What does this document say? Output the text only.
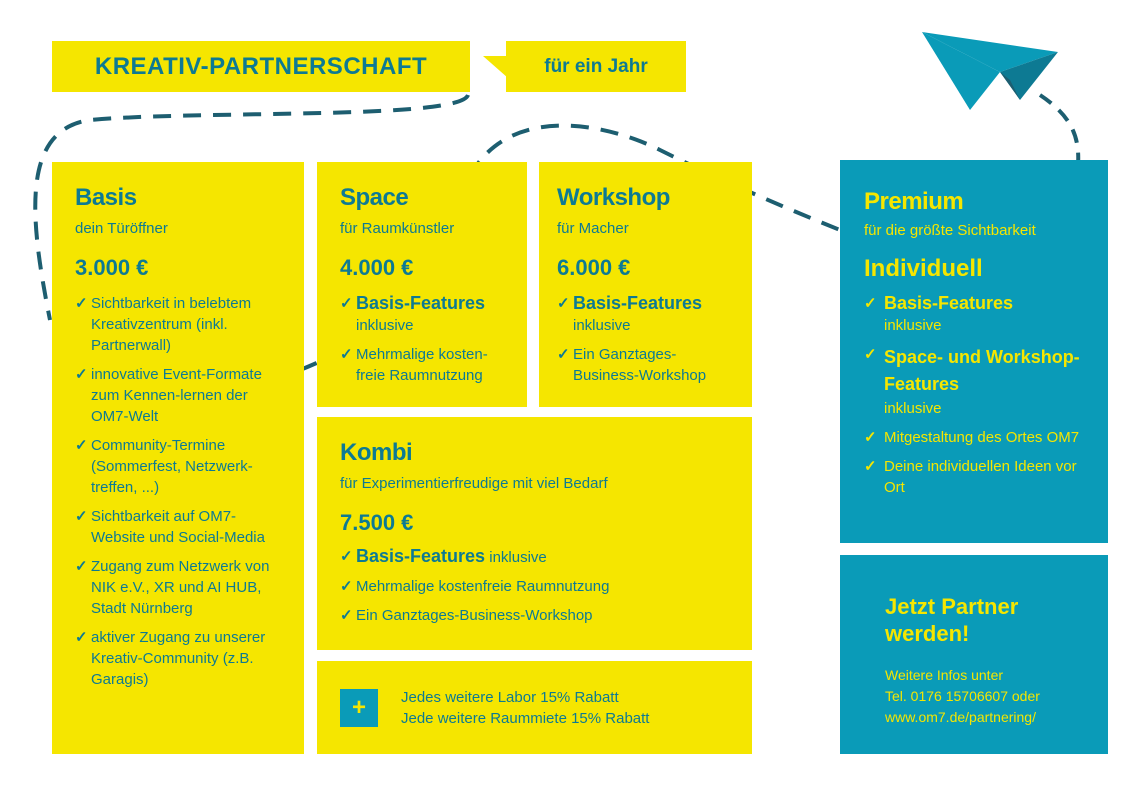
KREATIV-PARTNERSCHAFT	für ein Jahr
Basis
dein Türöffner
3.000 €
✓ Sichtbarkeit in belebtem Kreativzentrum (inkl. Partnerwall)
✓ innovative Event-Formate zum Kennen-lernen der OM7-Welt
✓ Community-Termine (Sommerfest, Netzwerk-treffen, ...)
✓ Sichtbarkeit auf OM7-Website und Social-Media
✓ Zugang zum Netzwerk von NIK e.V., XR und AI HUB, Stadt Nürnberg
✓ aktiver Zugang zu unserer Kreativ-Community (z.B. Garagis)
Space
für Raumkünstler
4.000 €
✓ Basis-Features
inklusive
✓ Mehrmalige kosten-freie Raumnutzung
Workshop
für Macher
6.000 €
✓ Basis-Features
inklusive
✓ Ein Ganztages-Business-Workshop
Kombi
für Experimentierfreudige mit viel Bedarf
7.500 €
✓ Basis-Features inklusive
✓ Mehrmalige kostenfreie Raumnutzung
✓ Ein Ganztages-Business-Workshop
+ Jedes weitere Labor 15% Rabatt
Jede weitere Raummiete 15% Rabatt
Premium
für die größte Sichtbarkeit
Individuell
✓ Basis-Features
inklusive
✓ Space- und Workshop-Features
inklusive
✓ Mitgestaltung des Ortes OM7
✓ Deine individuellen Ideen vor Ort
Jetzt Partner werden!
Weitere Infos unter
Tel. 0176 15706607 oder
www.om7.de/partnering/
